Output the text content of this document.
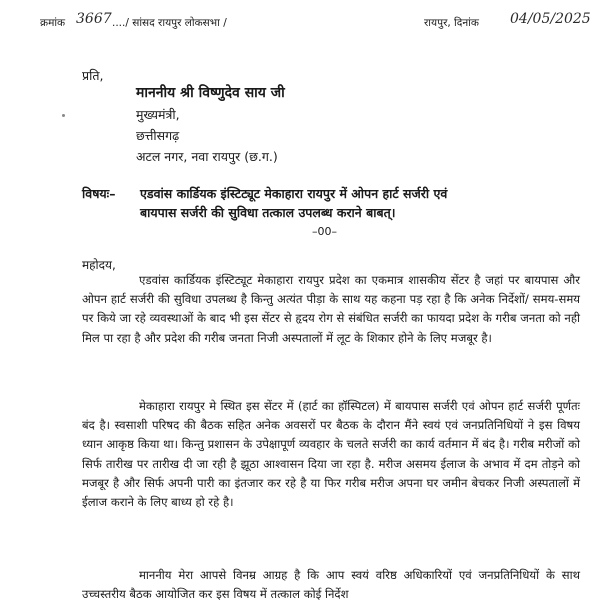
क्रमांक 3667 ..../ सांसद रायपुर लोकसभा /	रायपुर, दिनांक 04/05/2025
प्रति,
माननीय श्री विष्णुदेव साय जी
मुख्यमंत्री,
छत्तीसगढ़
अटल नगर, नवा रायपुर (छ.ग.)
विषयः– एडवांस कार्डियक इंस्टिट्यूट मेकाहारा रायपुर में ओपन हार्ट सर्जरी एवं
बायपास सर्जरी की सुविधा तत्काल उपलब्ध कराने बाबत्।
–00–
महोदय,
एडवांस कार्डियक इंस्टिट्यूट मेकाहारा रायपुर प्रदेश का एकमात्र शासकीय सेंटर है जहां पर बायपास और ओपन हार्ट सर्जरी की सुविधा उपलब्ध है किन्तु अत्यंत पीड़ा के साथ यह कहना पड़ रहा है कि अनेक निर्देशों/ समय-समय पर किये जा रहे व्यवस्थाओं के बाद भी इस सेंटर से हृदय रोग से संबंधित सर्जरी का फायदा प्रदेश के गरीब जनता को नही मिल पा रहा है और प्रदेश की गरीब जनता निजी अस्पतालों में लूट के शिकार होने के लिए मजबूर है।
मेकाहारा रायपुर मे स्थित इस सेंटर में (हार्ट का हॉस्पिटल) में बायपास सर्जरी एवं ओपन हार्ट सर्जरी पूर्णतः बंद है। स्वसाशी परिषद की बैठक सहित अनेक अवसरों पर बैठक के दौरान मैंने स्वयं एवं जनप्रतिनिधियों ने इस विषय ध्यान आकृष्ठ किया था। किन्तु प्रशासन के उपेक्षापूर्ण व्यवहार के चलते सर्जरी का कार्य वर्तमान में बंद है। गरीब मरीजों को सिर्फ तारीख पर तारीख दी जा रही है झूठा आश्वासन दिया जा रहा है. मरीज असमय ईलाज के अभाव में दम तोड़ने को मजबूर है और सिर्फ अपनी पारी का इंतजार कर रहे है या फिर गरीब मरीज अपना घर जमीन बेचकर निजी अस्पतालों में ईलाज कराने के लिए बाध्य हो रहे है।
माननीय मेरा आपसे विनम्र आग्रह है कि आप स्वयं वरिष्ठ अधिकारियों एवं जनप्रतिनिधियों के साथ उच्चस्तरीय बैठक आयोजित कर इस विषय में तत्काल कोई निर्देश
